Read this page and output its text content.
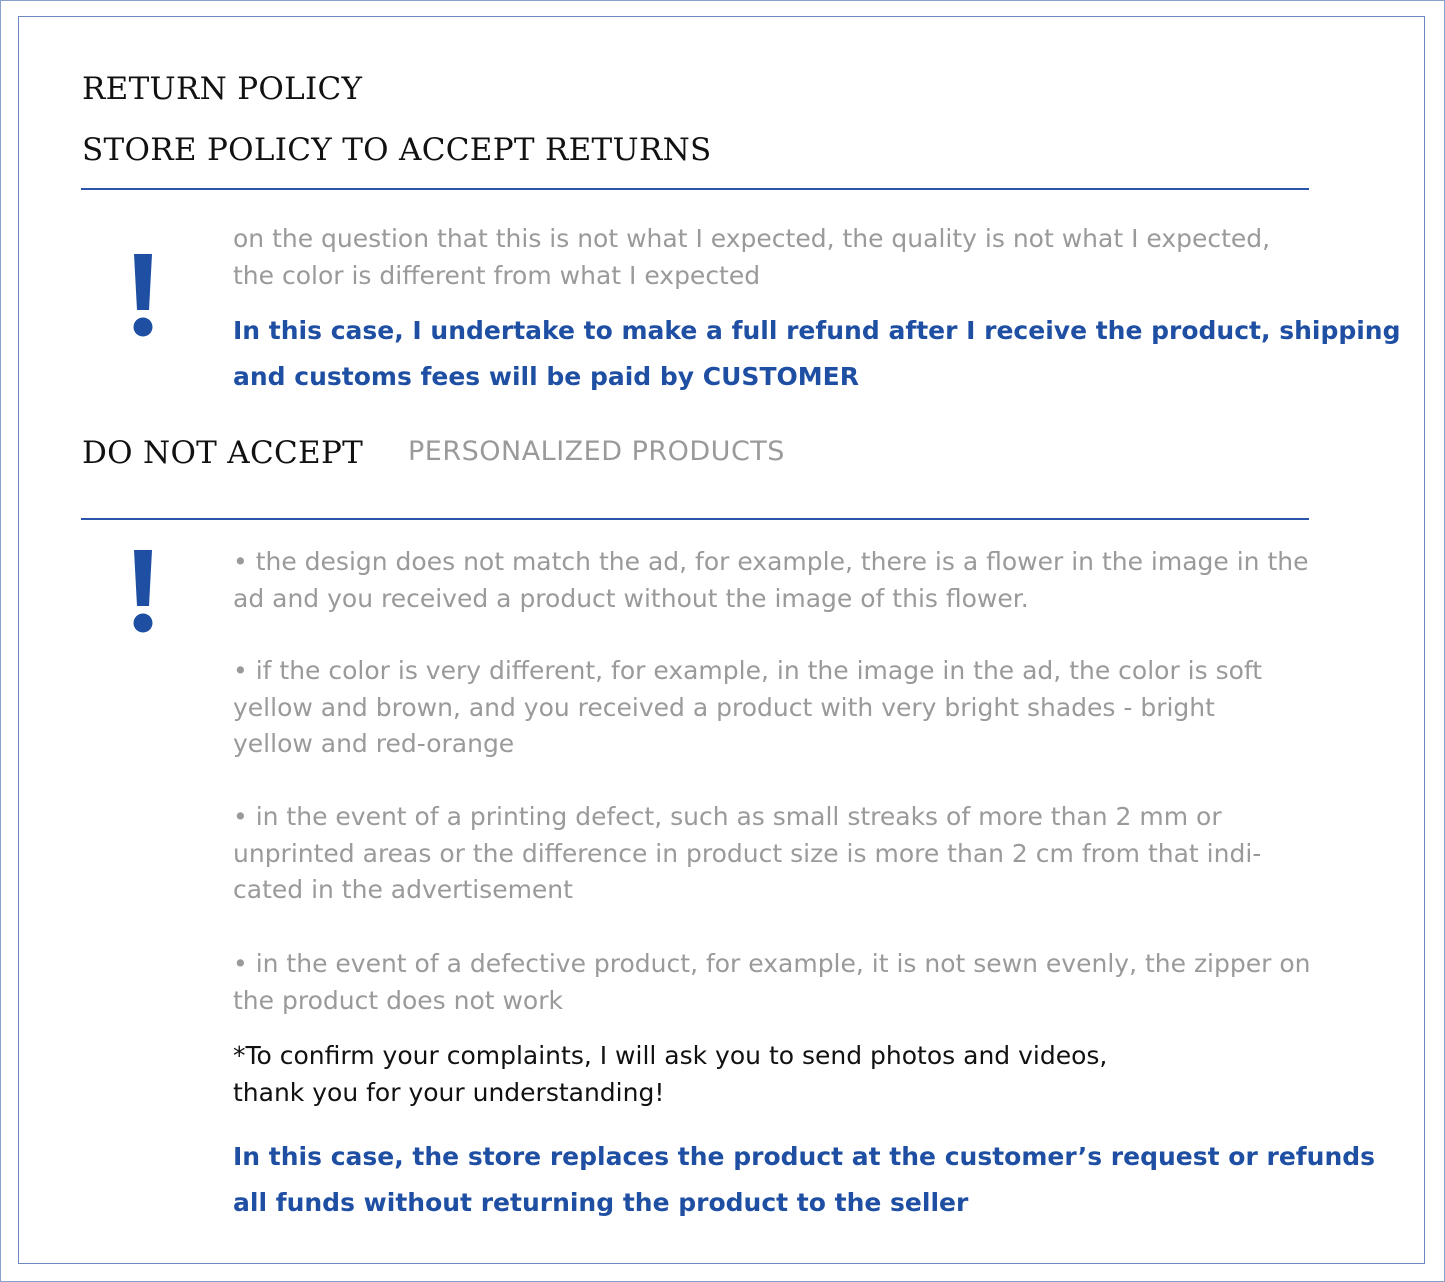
RETURN POLICY
STORE POLICY TO ACCEPT RETURNS
on the question that this is not what I expected, the quality is not what I expected,
the color is different from what I expected
In this case, I undertake to make a full refund after I receive the product, shipping
and customs fees will be paid by CUSTOMER
DO NOT ACCEPT PERSONALIZED PRODUCTS
• the design does not match the ad, for example, there is a flower in the image in the
ad and you received a product without the image of this flower.
• if the color is very different, for example, in the image in the ad, the color is soft
yellow and brown, and you received a product with very bright shades - bright
yellow and red-orange
• in the event of a printing defect, such as small streaks of more than 2 mm or
unprinted areas or the difference in product size is more than 2 cm from that indi-
cated in the advertisement
• in the event of a defective product, for example, it is not sewn evenly, the zipper on
the product does not work
*To confirm your complaints, I will ask you to send photos and videos,
thank you for your understanding!
In this case, the store replaces the product at the customer’s request or refunds
all funds without returning the product to the seller
